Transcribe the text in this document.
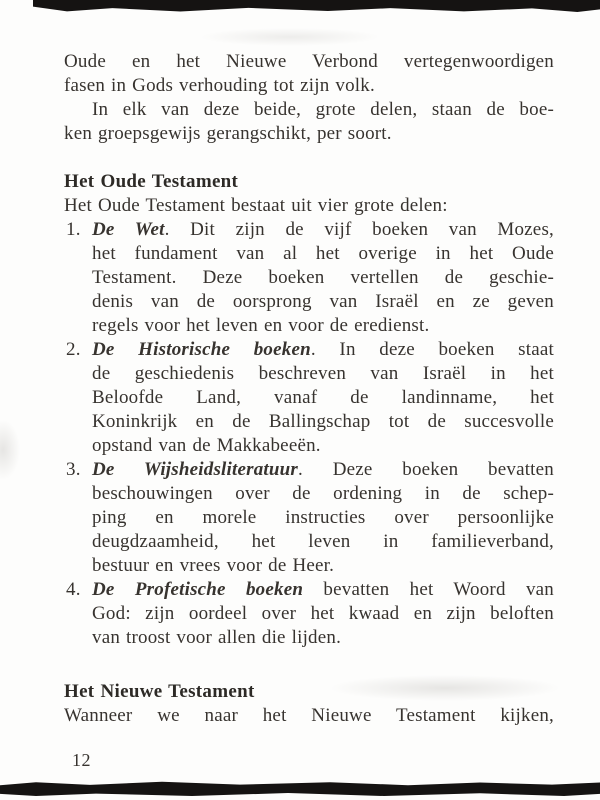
Oude en het Nieuwe Verbond vertegenwoordigen
fasen in Gods verhouding tot zijn volk.
In elk van deze beide, grote delen, staan de boe-
ken groepsgewijs gerangschikt, per soort.
Het Oude Testament
Het Oude Testament bestaat uit vier grote delen:
1. De Wet. Dit zijn de vijf boeken van Mozes,
het fundament van al het overige in het Oude
Testament. Deze boeken vertellen de geschie-
denis van de oorsprong van Israël en ze geven
regels voor het leven en voor de eredienst.
2. De Historische boeken. In deze boeken staat
de geschiedenis beschreven van Israël in het
Beloofde Land, vanaf de landinname, het
Koninkrijk en de Ballingschap tot de succesvolle
opstand van de Makkabeeën.
3. De Wijsheidsliteratuur. Deze boeken bevatten
beschouwingen over de ordening in de schep-
ping en morele instructies over persoonlijke
deugdzaamheid, het leven in familieverband,
bestuur en vrees voor de Heer.
4. De Profetische boeken bevatten het Woord van
God: zijn oordeel over het kwaad en zijn beloften
van troost voor allen die lijden.
Het Nieuwe Testament
Wanneer we naar het Nieuwe Testament kijken,
12
